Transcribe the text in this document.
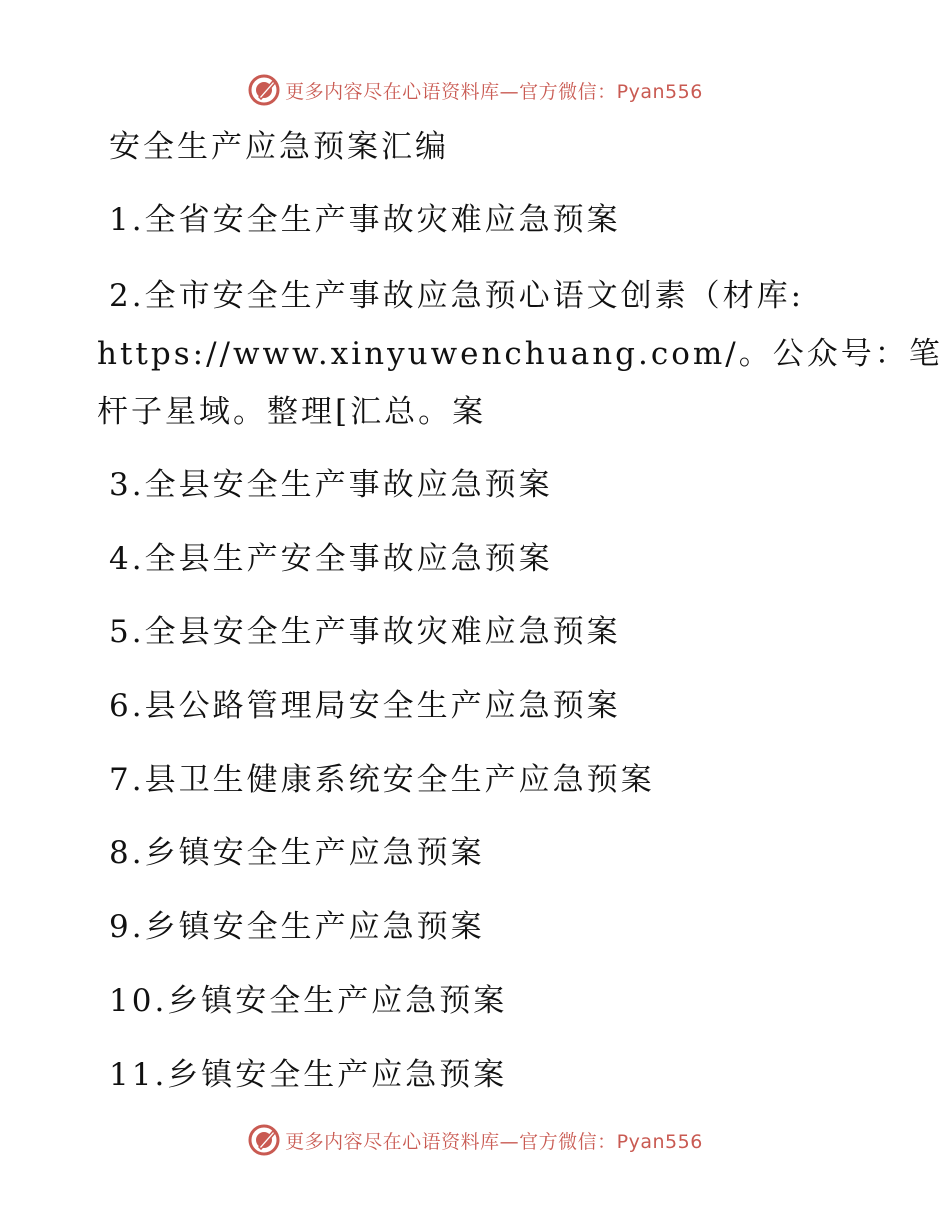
更多内容尽在心语资料库—官方微信：Pyan556
安全生产应急预案汇编
1.全省安全生产事故灾难应急预案
2.全市安全生产事故应急预心语文创素（材库:
https://www.xinyuwenchuang.com/。公众号：笔
杆子星域。整理[汇总。案
3.全县安全生产事故应急预案
4.全县生产安全事故应急预案
5.全县安全生产事故灾难应急预案
6.县公路管理局安全生产应急预案
7.县卫生健康系统安全生产应急预案
8.乡镇安全生产应急预案
9.乡镇安全生产应急预案
10.乡镇安全生产应急预案
11.乡镇安全生产应急预案
更多内容尽在心语资料库—官方微信：Pyan556
